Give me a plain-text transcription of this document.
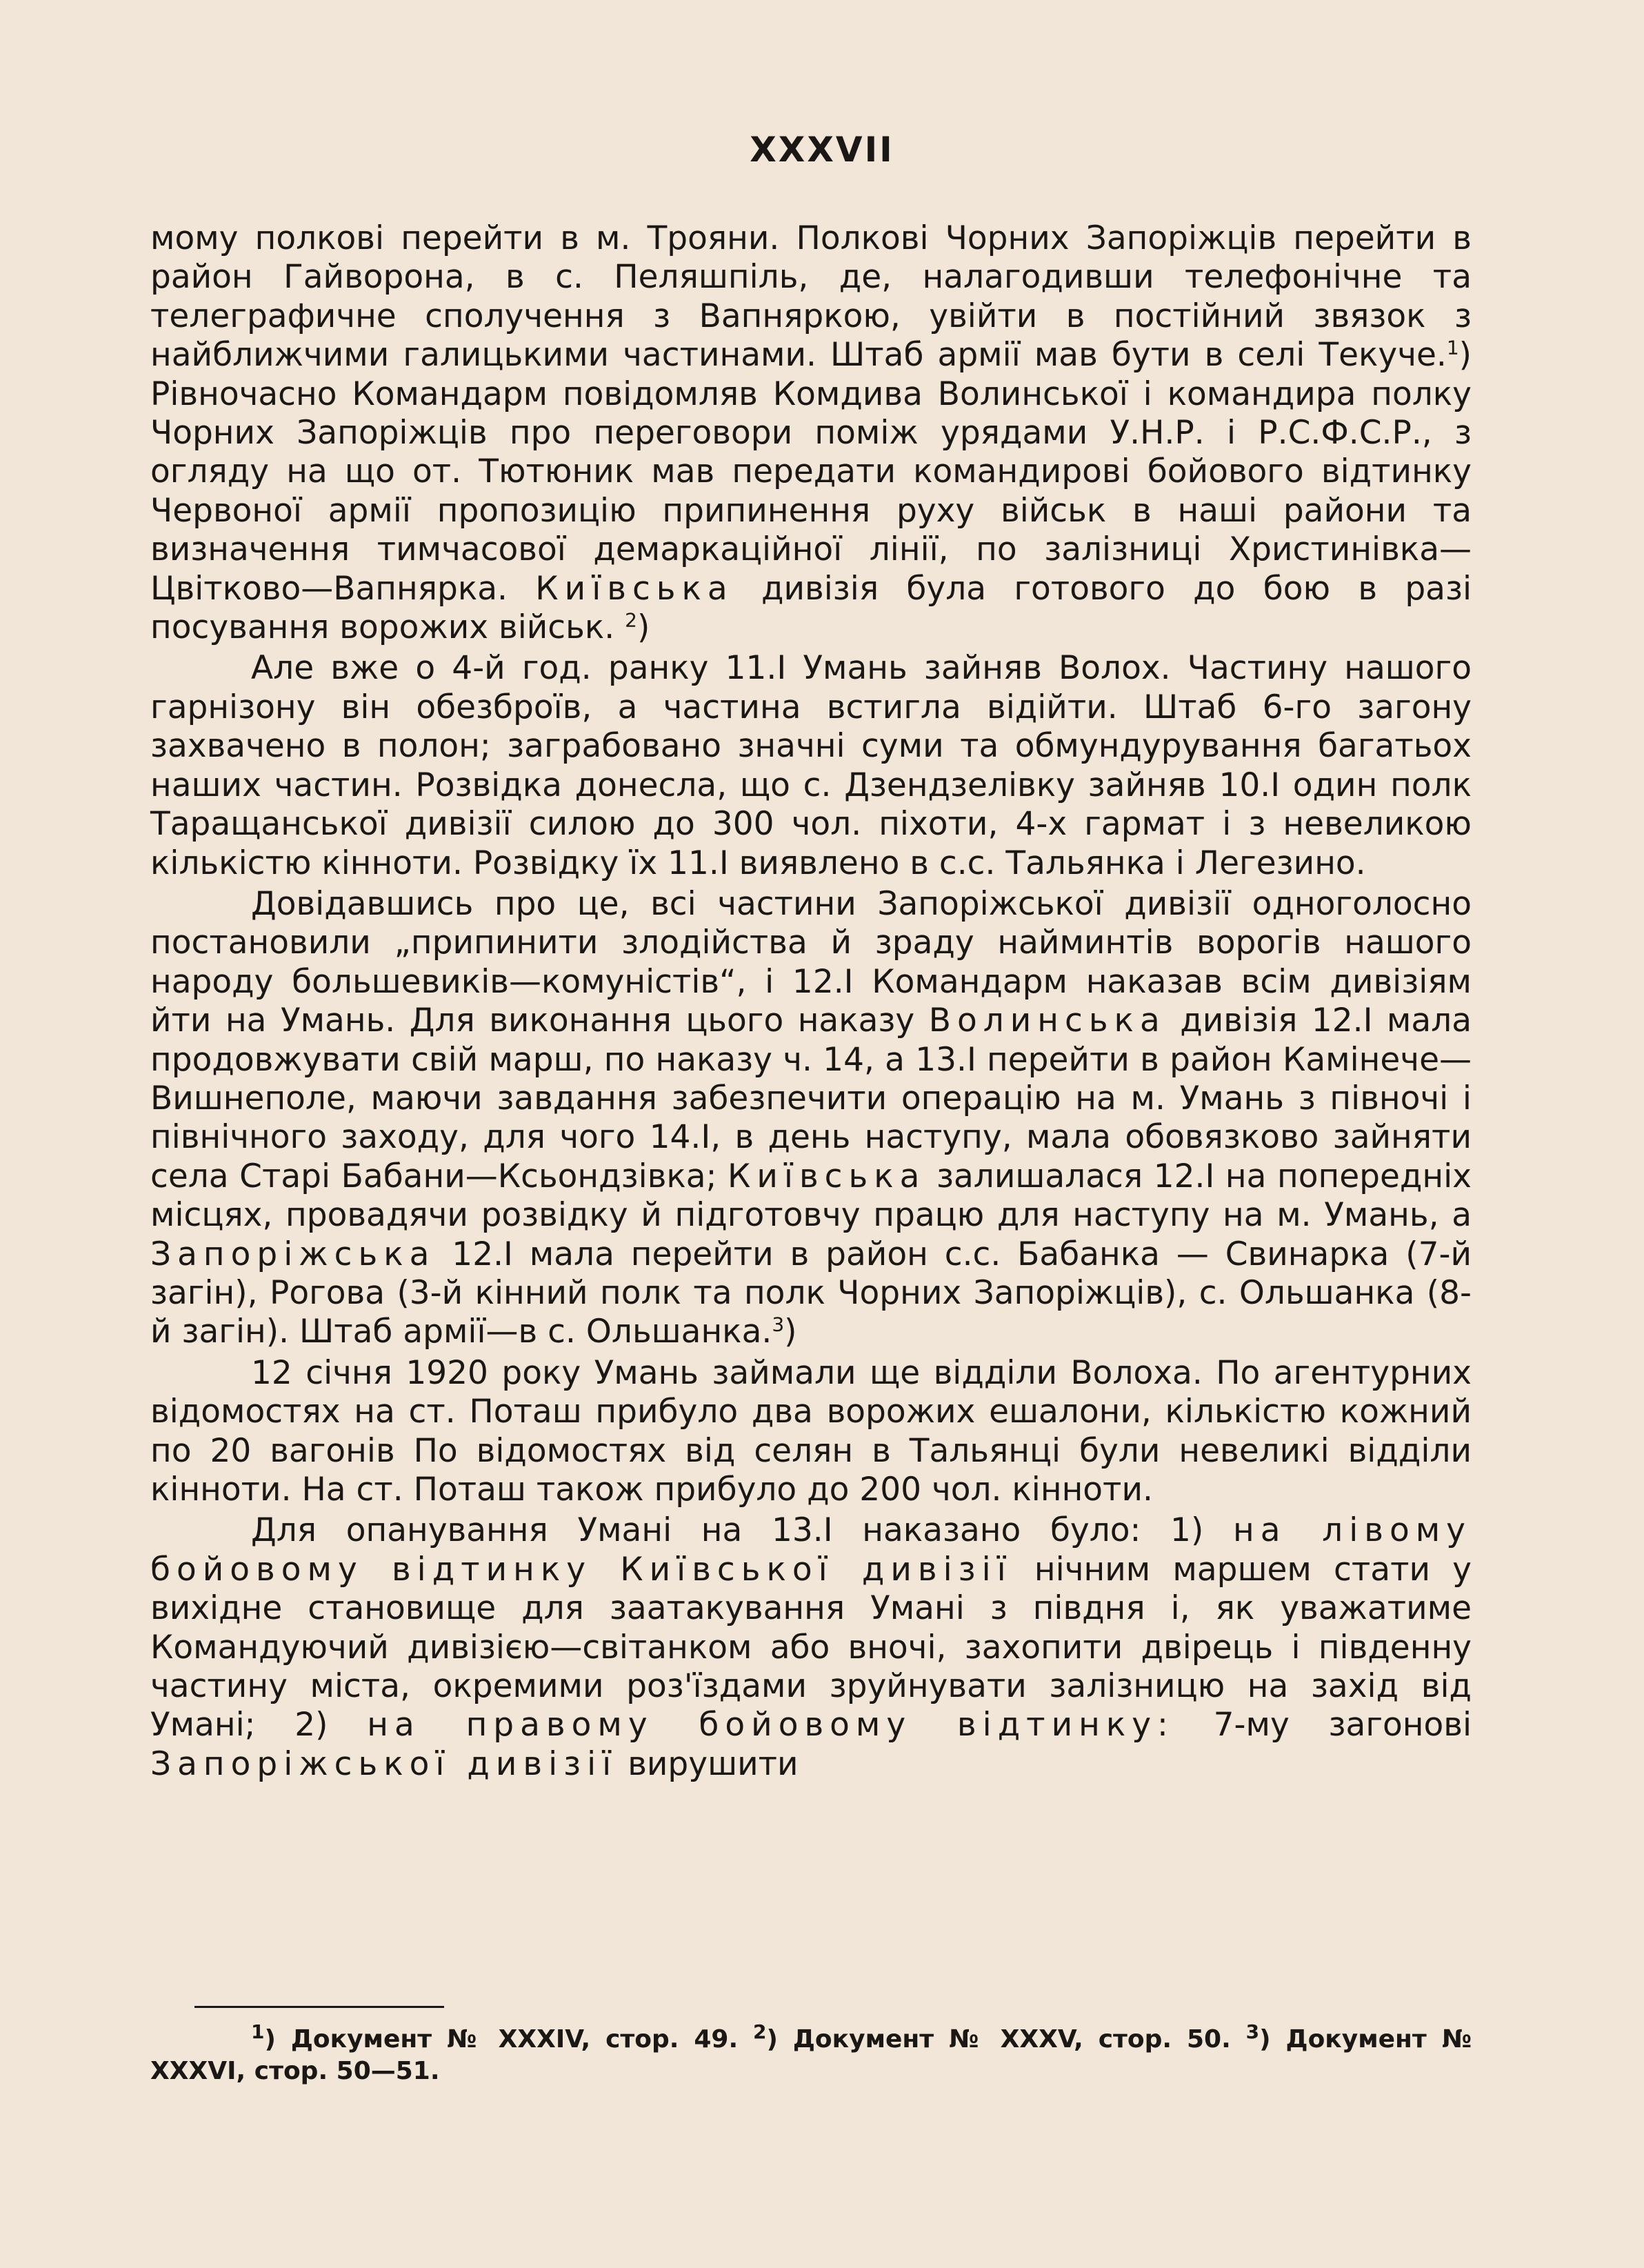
XXXVII

мому полкові перейти в м. Трояни. Полкові Чорних Запоріжців перейти в район Гайворона, в с. Пеляшпіль, де, налагодивши телефонічне та телеграфичне сполучення з Вапняркою, увійти в постійний звязок з найближчими галицькими частинами. Штаб армії мав бути в селі Текуче.$^1$) Рівночасно Командарм повідомляв Комдива Волинської і командира полку Чорних Запоріжців про переговори поміж урядами У.Н.Р. і Р.С.Ф.С.Р., з огляду на що от. Тютюник мав передати командирові бойового відтинку Червоної армії пропозицію припинення руху військ в наші райони та визначення тимчасової демаркаційної лінії, по залізниці Христинівка—Цвітково—Вапнярка. Київська дивізія була готового до бою в разі посування ворожих військ. $^2$)

Але вже о 4-й год. ранку 11.I Умань зайняв Волох. Частину нашого гарнізону він обезброїв, а частина встигла відійти. Штаб 6-го загону захвачено в полон; заграбовано значні суми та обмундурування багатьох наших частин. Розвідка донесла, що с. Дзендзелівку зайняв 10.I один полк Таращанської дивізії силою до 300 чол. піхоти, 4-х гармат і з невеликою кількістю кінноти. Розвідку їх 11.I виявлено в с.с. Тальянка і Легезино.

Довідавшись про це, всі частини Запоріжської дивізії одноголосно постановили „припинити злодійства й зраду найминтів ворогів нашого народу большевиків—комуністів“, і 12.I Командарм наказав всім дивізіям йти на Умань. Для виконання цього наказу Волинська дивізія 12.I мала продовжувати свій марш, по наказу ч. 14, а 13.I перейти в район Камінече—Вишнеполе, маючи завдання забезпечити операцію на м. Умань з півночі і північного заходу, для чого 14.I, в день наступу, мала обовязково зайняти села Старі Бабани—Ксьондзівка; Київська залишалася 12.I на попередніх місцях, провадячи розвідку й підготовчу працю для наступу на м. Умань, а Запоріжська 12.I мала перейти в район с.с. Бабанка — Свинарка (7-й загін), Рогова (3-й кінний полк та полк Чорних Запоріжців), с. Ольшанка (8-й загін). Штаб армії—в с. Ольшанка.$^3$)

12 січня 1920 року Умань займали ще відділи Волоха. По агентурних відомостях на ст. Поташ прибуло два ворожих ешалони, кількістю кожний по 20 вагонів По відомостях від селян в Тальянці були невеликі відділи кінноти. На ст. Поташ також прибуло до 200 чол. кінноти.

Для опанування Умані на 13.I наказано було: 1) на лівому бойовому відтинку Київської дивізії нічним маршем стати у вихідне становище для заатакування Умані з півдня і, як уважатиме Командуючий дивізією—світанком або вночі, захопити двірець і південну частину міста, окремими роз'їздами зруйнувати залізницю на захід від Умані; 2) на правому бойовому відтинку: 7-му загонові Запоріжської дивізії вирушити

$^1$) Документ № XXXIV, стор. 49. $^2$) Документ № XXXV, стор. 50. $^3$) Документ № XXXVI, стор. 50—51.
